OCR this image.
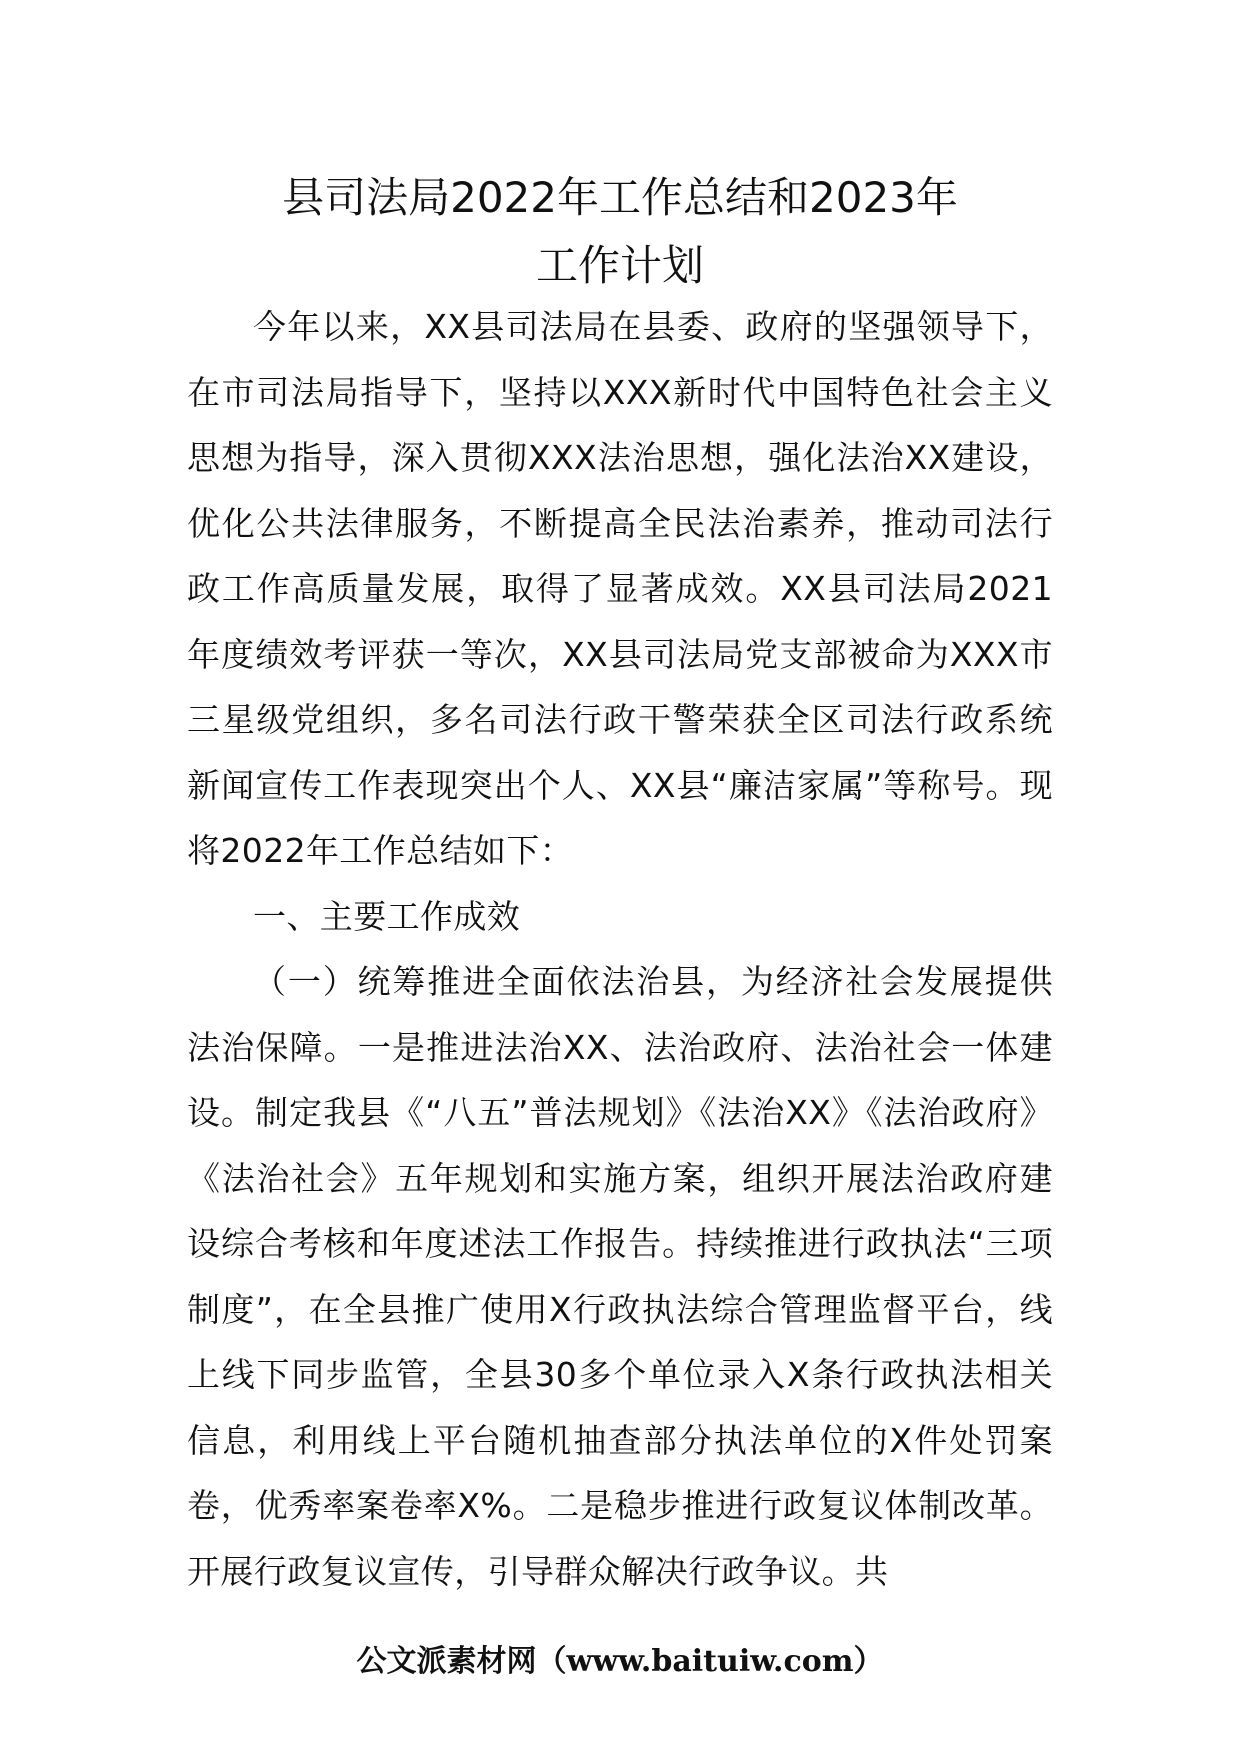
县司法局2022年工作总结和2023年
工作计划

今年以来，XX县司法局在县委、政府的坚强领导下，在市司法局指导下，坚持以XXX新时代中国特色社会主义思想为指导，深入贯彻XXX法治思想，强化法治XX建设，优化公共法律服务，不断提高全民法治素养，推动司法行政工作高质量发展，取得了显著成效。XX县司法局2021年度绩效考评获一等次，XX县司法局党支部被命为XXX市三星级党组织，多名司法行政干警荣获全区司法行政系统新闻宣传工作表现突出个人、XX县“廉洁家属”等称号。现将2022年工作总结如下：

一、主要工作成效

（一）统筹推进全面依法治县，为经济社会发展提供法治保障。一是推进法治XX、法治政府、法治社会一体建设。制定我县《“八五”普法规划》《法治XX》《法治政府》《法治社会》五年规划和实施方案，组织开展法治政府建设综合考核和年度述法工作报告。持续推进行政执法“三项制度”，在全县推广使用X行政执法综合管理监督平台，线上线下同步监管，全县30多个单位录入X条行政执法相关信息，利用线上平台随机抽查部分执法单位的X件处罚案卷，优秀率案卷率X%。二是稳步推进行政复议体制改革。开展行政复议宣传，引导群众解决行政争议。共

公文派素材网（www.baituiw.com）
